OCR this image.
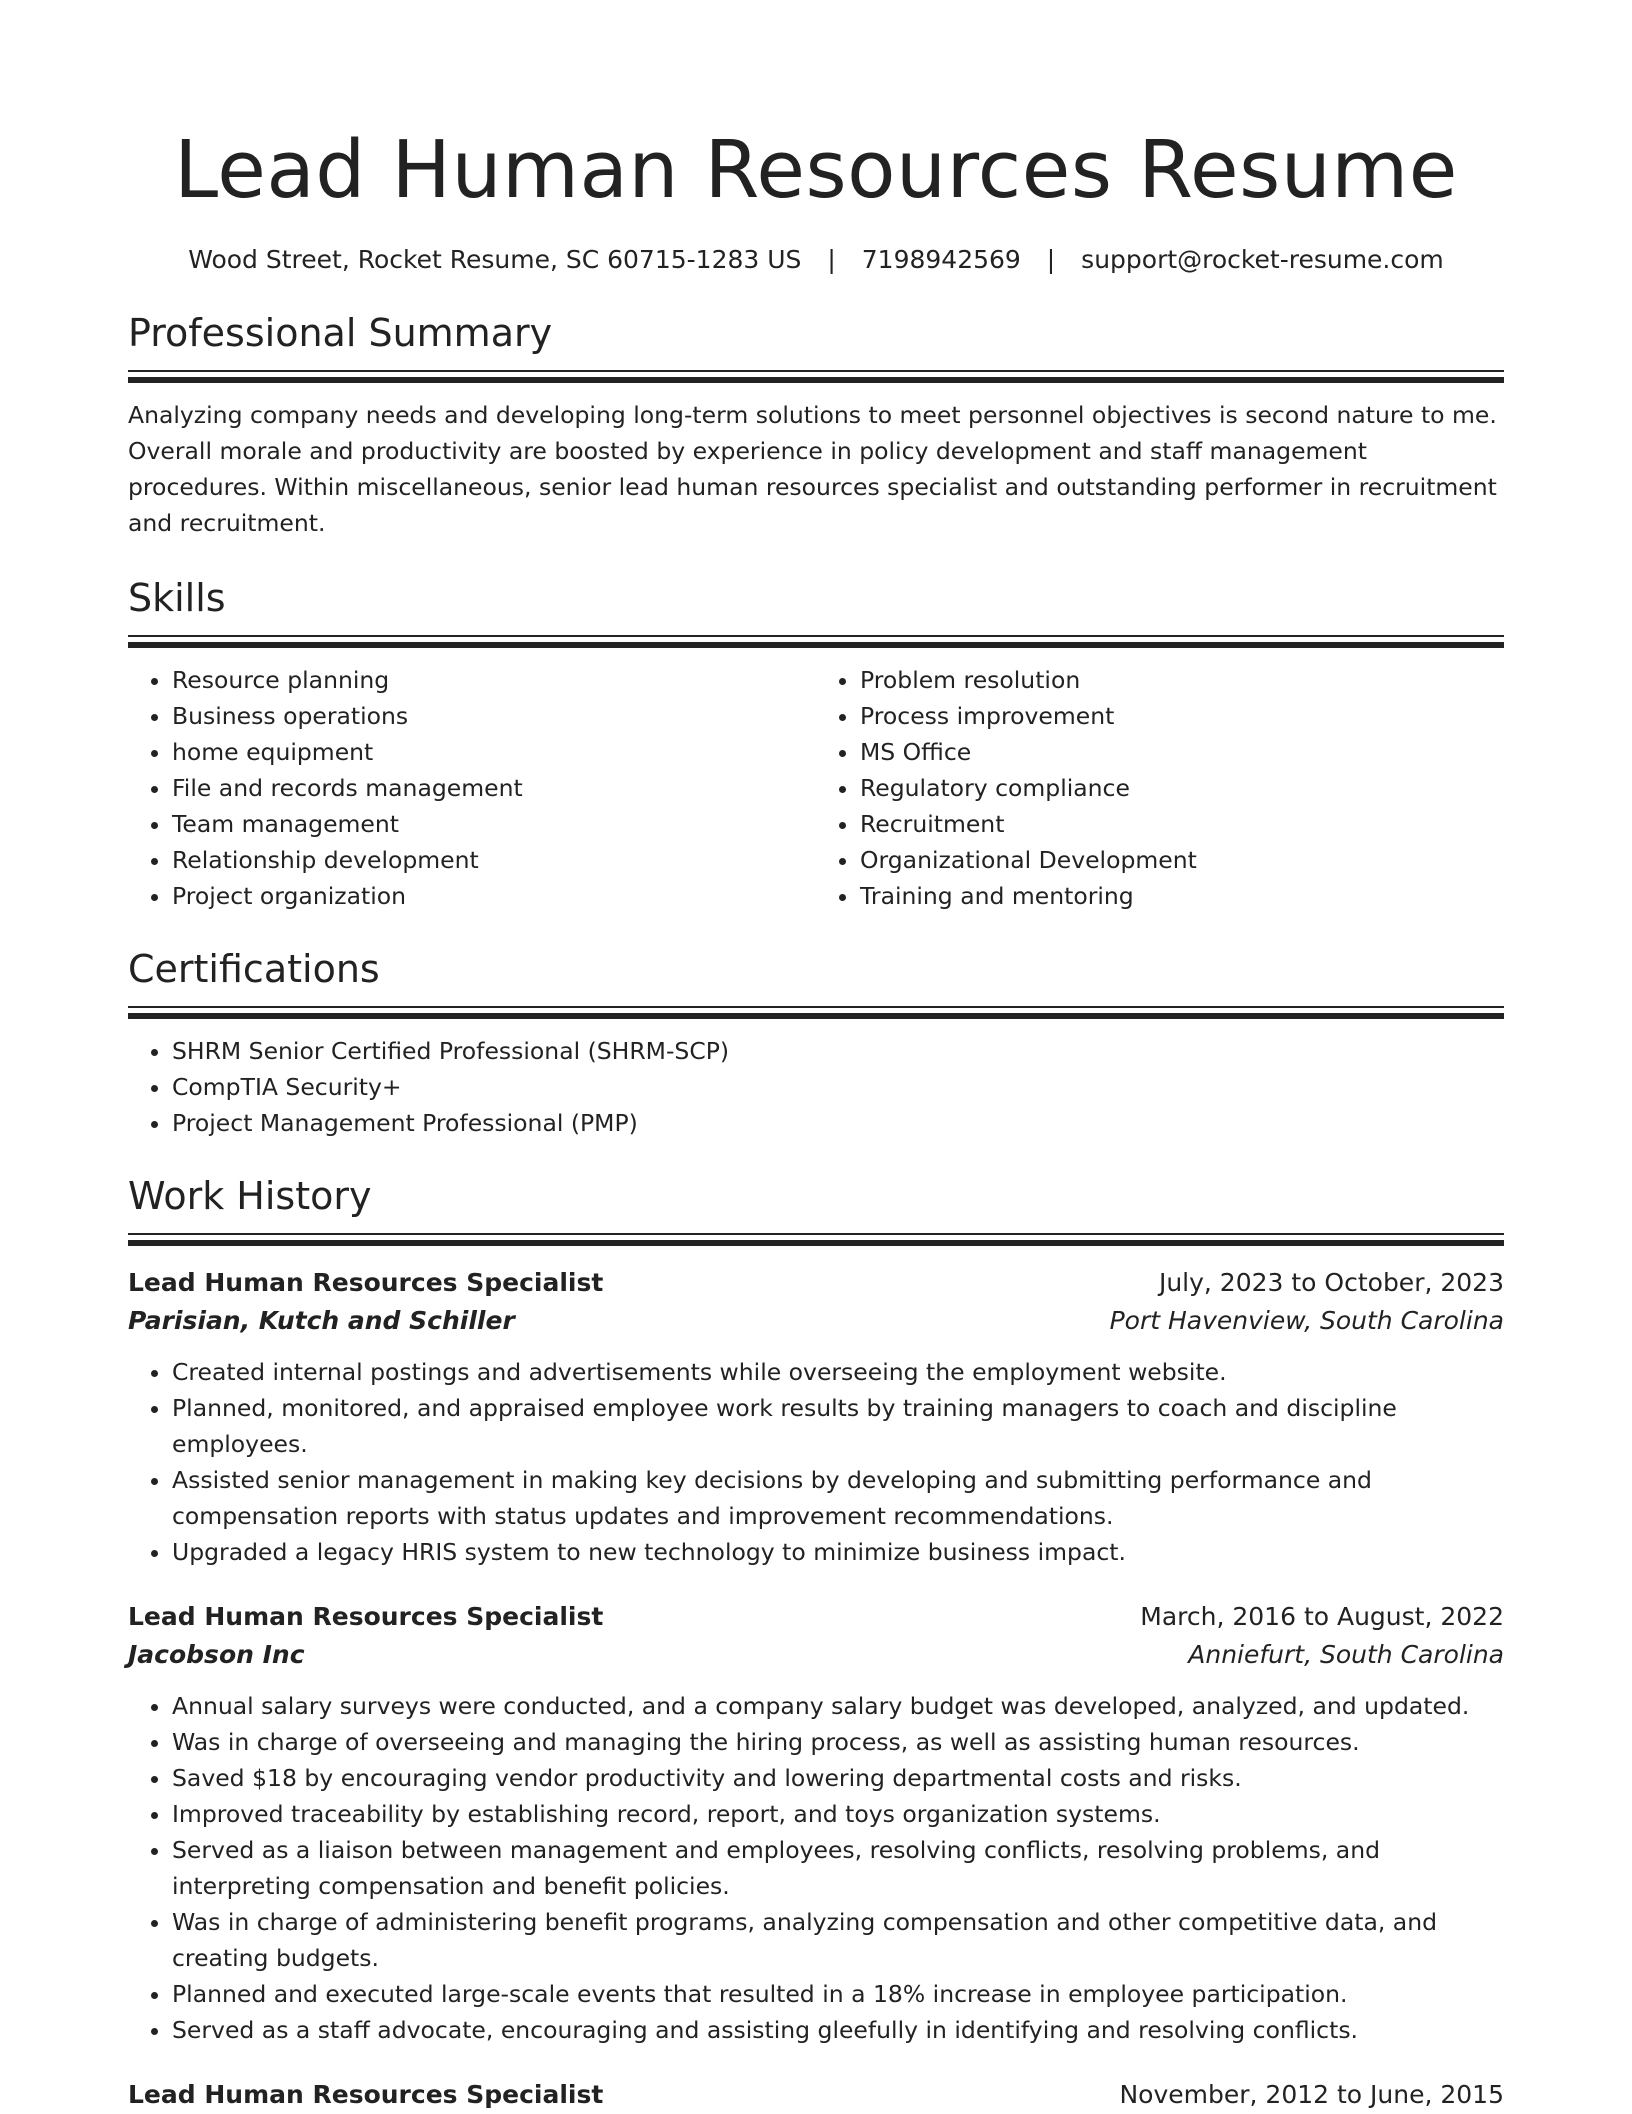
Lead Human Resources Resume
Wood Street, Rocket Resume, SC 60715-1283 US | 7198942569 | support@rocket-resume.com
Professional Summary

Analyzing company needs and developing long-term solutions to meet personnel objectives is second nature to me. Overall morale and productivity are boosted by experience in policy development and staff management procedures. Within miscellaneous, senior lead human resources specialist and outstanding performer in recruitment and recruitment.

Skills
• Resource planning
• Business operations
• home equipment
• File and records management
• Team management
• Relationship development
• Project organization
• Problem resolution
• Process improvement
• MS Office
• Regulatory compliance
• Recruitment
• Organizational Development
• Training and mentoring
Certifications
• SHRM Senior Certified Professional (SHRM-SCP)
• CompTIA Security+
• Project Management Professional (PMP)
Work History
Lead Human Resources Specialist	July, 2023 to October, 2023
Parisian, Kutch and Schiller	Port Havenview, South Carolina
• Created internal postings and advertisements while overseeing the employment website.
• Planned, monitored, and appraised employee work results by training managers to coach and discipline employees.
• Assisted senior management in making key decisions by developing and submitting performance and compensation reports with status updates and improvement recommendations.
• Upgraded a legacy HRIS system to new technology to minimize business impact.
Lead Human Resources Specialist	March, 2016 to August, 2022
Jacobson Inc	Anniefurt, South Carolina
• Annual salary surveys were conducted, and a company salary budget was developed, analyzed, and updated.
• Was in charge of overseeing and managing the hiring process, as well as assisting human resources.
• Saved $18 by encouraging vendor productivity and lowering departmental costs and risks.
• Improved traceability by establishing record, report, and toys organization systems.
• Served as a liaison between management and employees, resolving conflicts, resolving problems, and interpreting compensation and benefit policies.
• Was in charge of administering benefit programs, analyzing compensation and other competitive data, and creating budgets.
• Planned and executed large-scale events that resulted in a 18% increase in employee participation.
• Served as a staff advocate, encouraging and assisting gleefully in identifying and resolving conflicts.
Lead Human Resources Specialist	November, 2012 to June, 2015
